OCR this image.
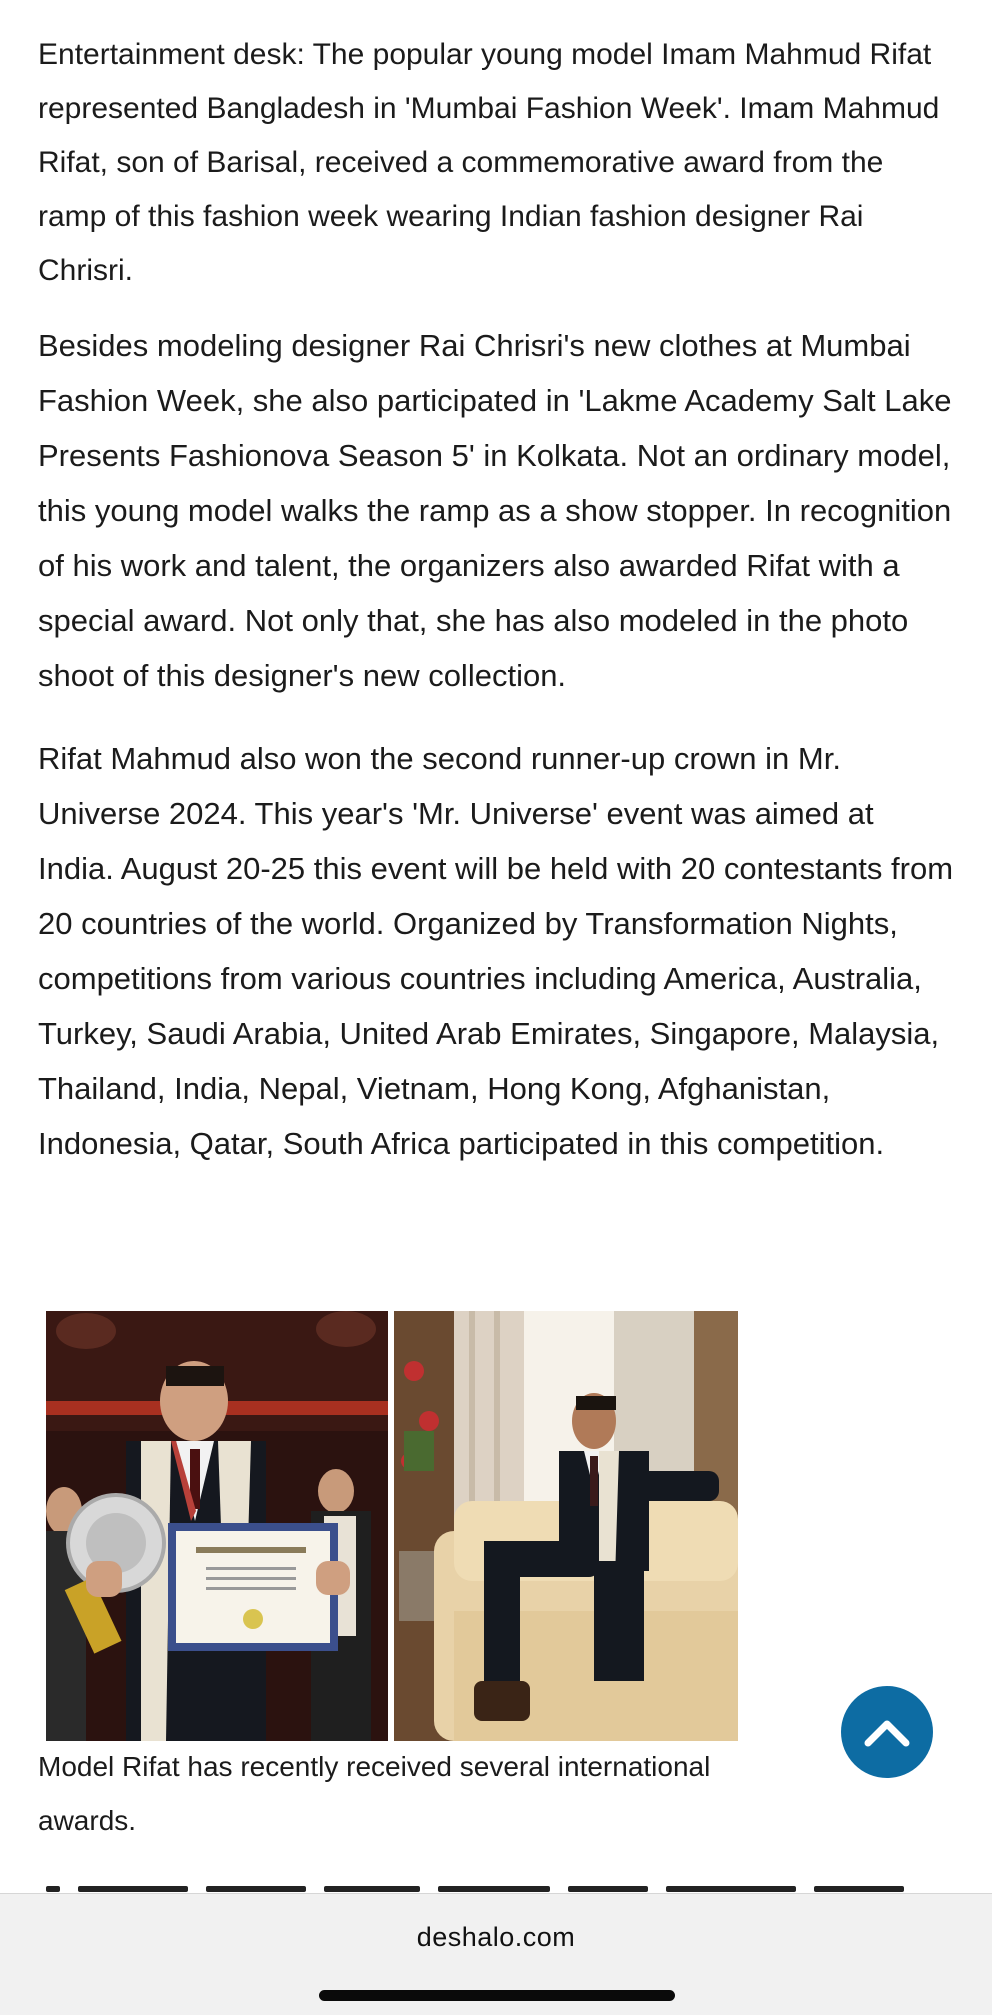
Entertainment desk: The popular young model Imam Mahmud Rifat represented Bangladesh in 'Mumbai Fashion Week'. Imam Mahmud Rifat, son of Barisal, received a commemorative award from the ramp of this fashion week wearing Indian fashion designer Rai Chrisri.

Besides modeling designer Rai Chrisri's new clothes at Mumbai Fashion Week, she also participated in 'Lakme Academy Salt Lake Presents Fashionova Season 5' in Kolkata. Not an ordinary model, this young model walks the ramp as a show stopper. In recognition of his work and talent, the organizers also awarded Rifat with a special award. Not only that, she has also modeled in the photo shoot of this designer's new collection.

Rifat Mahmud also won the second runner-up crown in Mr. Universe 2024. This year's 'Mr. Universe' event was aimed at India. August 20-25 this event will be held with 20 contestants from 20 countries of the world. Organized by Transformation Nights, competitions from various countries including America, Australia, Turkey, Saudi Arabia, United Arab Emirates, Singapore, Malaysia, Thailand, India, Nepal, Vietnam, Hong Kong, Afghanistan, Indonesia, Qatar, South Africa participated in this competition.

Model Rifat has recently received several international awards.

deshalo.com
